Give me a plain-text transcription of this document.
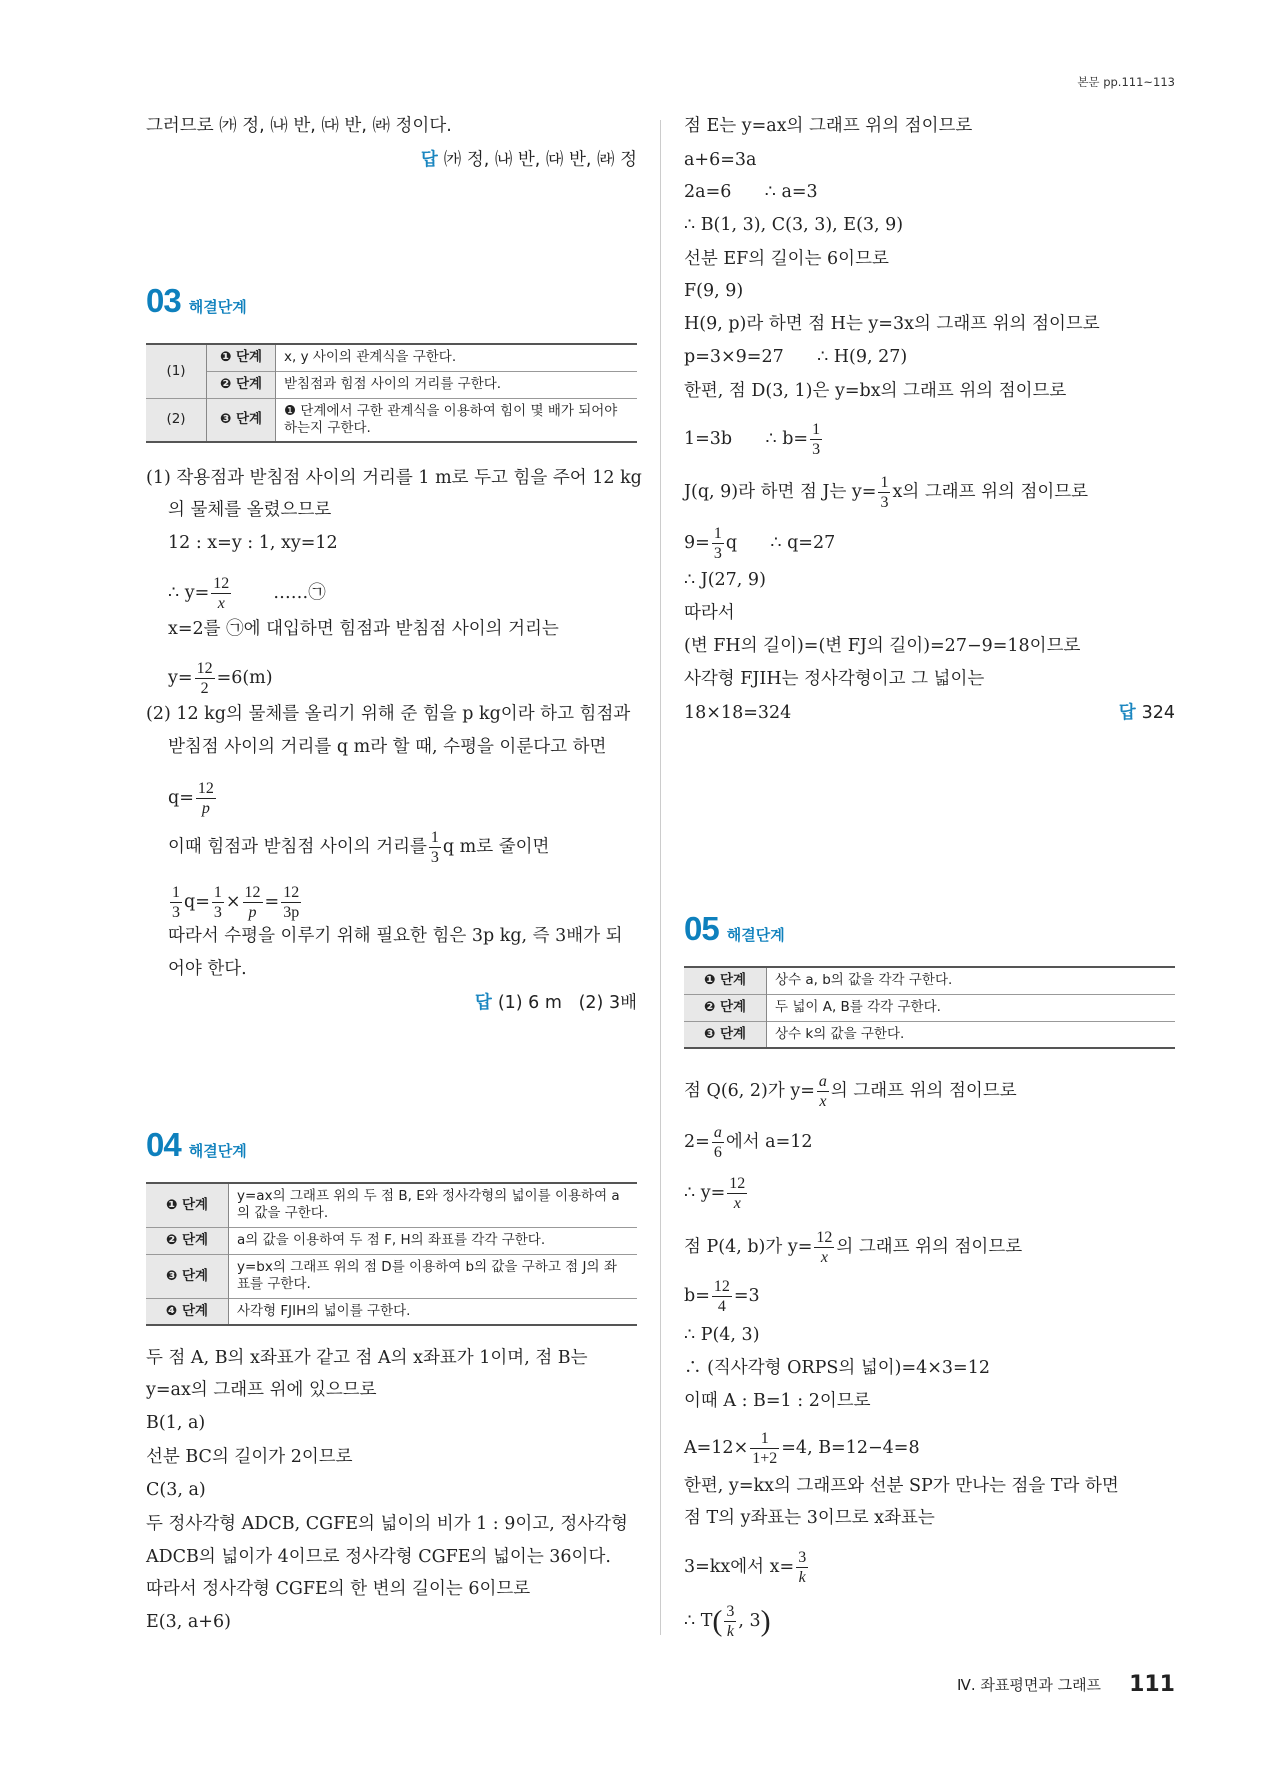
본문 pp.111~113
그러므로 ㈎ 정, ㈏ 반, ㈐ 반, ㈑ 정이다.
답 ㈎ 정, ㈏ 반, ㈐ 반, ㈑ 정
03 해결단계
(1)	❶ 단계	x, y 사이의 관계식을 구한다.
	❷ 단계	받침점과 힘점 사이의 거리를 구한다.
(2)	❸ 단계	❶ 단계에서 구한 관계식을 이용하여 힘이 몇 배가 되어야 하는지 구한다.
(1) 작용점과 받침점 사이의 거리를 1 m로 두고 힘을 주어 12 kg
의 물체를 올렸으므로
12 : x=y : 1, xy=12
∴ $y= \frac{12}{x}$ ……㉠
x=2를 ㉠에 대입하면 힘점과 받침점 사이의 거리는
$y= \frac{12}{2} =6(m)$
(2) 12 kg의 물체를 올리기 위해 준 힘을 p kg이라 하고 힘점과
받침점 사이의 거리를 q m라 할 때, 수평을 이룬다고 하면
$q= \frac{12}{p}$
이때 힘점과 받침점 사이의 거리를 $\frac{1}{3}$ q m로 줄이면
$\frac{1}{3} q= \frac{1}{3} \times \frac{12}{p} = \frac{12}{3p}$
따라서 수평을 이루기 위해 필요한 힘은 3p kg, 즉 3배가 되
어야 한다.
답 (1) 6 m   (2) 3배
04 해결단계
❶ 단계	y=ax의 그래프 위의 두 점 B, E와 정사각형의 넓이를 이용하여 a의 값을 구한다.
❷ 단계	a의 값을 이용하여 두 점 F, H의 좌표를 각각 구한다.
❸ 단계	y=bx의 그래프 위의 점 D를 이용하여 b의 값을 구하고 점 J의 좌표를 구한다.
❹ 단계	사각형 FJIH의 넓이를 구한다.
두 점 A, B의 x좌표가 같고 점 A의 x좌표가 1이며, 점 B는
y=ax의 그래프 위에 있으므로
B(1, a)
선분 BC의 길이가 2이므로
C(3, a)
두 정사각형 ADCB, CGFE의 넓이의 비가 1 : 9이고, 정사각형
ADCB의 넓이가 4이므로 정사각형 CGFE의 넓이는 36이다.
따라서 정사각형 CGFE의 한 변의 길이는 6이므로
E(3, a+6)
점 E는 y=ax의 그래프 위의 점이므로
a+6=3a
2a=6      ∴ a=3
∴ B(1, 3), C(3, 3), E(3, 9)
선분 EF의 길이는 6이므로
F(9, 9)
H(9, p)라 하면 점 H는 y=3x의 그래프 위의 점이므로
p=3×9=27      ∴ H(9, 27)
한편, 점 D(3, 1)은 y=bx의 그래프 위의 점이므로
1=3b      ∴ $b= \frac{1}{3}$
J(q, 9)라 하면 점 J는 $y= \frac{1}{3}$ x의 그래프 위의 점이므로
$9= \frac{1}{3}$ q      ∴ q=27
∴ J(27, 9)
따라서
(변 FH의 길이)=(변 FJ의 길이)=27−9=18이므로
사각형 FJIH는 정사각형이고 그 넓이는
18×18=324	답 324
05 해결단계
❶ 단계	상수 a, b의 값을 각각 구한다.
❷ 단계	두 넓이 A, B를 각각 구한다.
❸ 단계	상수 k의 값을 구한다.
점 Q(6, 2)가 $y= \frac{a}{x}$ 의 그래프 위의 점이므로
$2= \frac{a}{6}$ 에서 a=12
∴ $y= \frac{12}{x}$
점 P(4, b)가 $y= \frac{12}{x}$ 의 그래프 위의 점이므로
$b= \frac{12}{4} =3$
∴ P(4, 3)
∴ (직사각형 ORPS의 넓이)=4×3=12
이때 A : B=1 : 2이므로
$A=12\times \frac{1}{1+2} =4$, B=12−4=8
한편, y=kx의 그래프와 선분 SP가 만나는 점을 T라 하면
점 T의 y좌표는 3이므로 x좌표는
3=kx에서 $x= \frac{3}{k}$
∴ $T( \frac{3}{k}$ , 3)
Ⅳ. 좌표평면과 그래프 111
